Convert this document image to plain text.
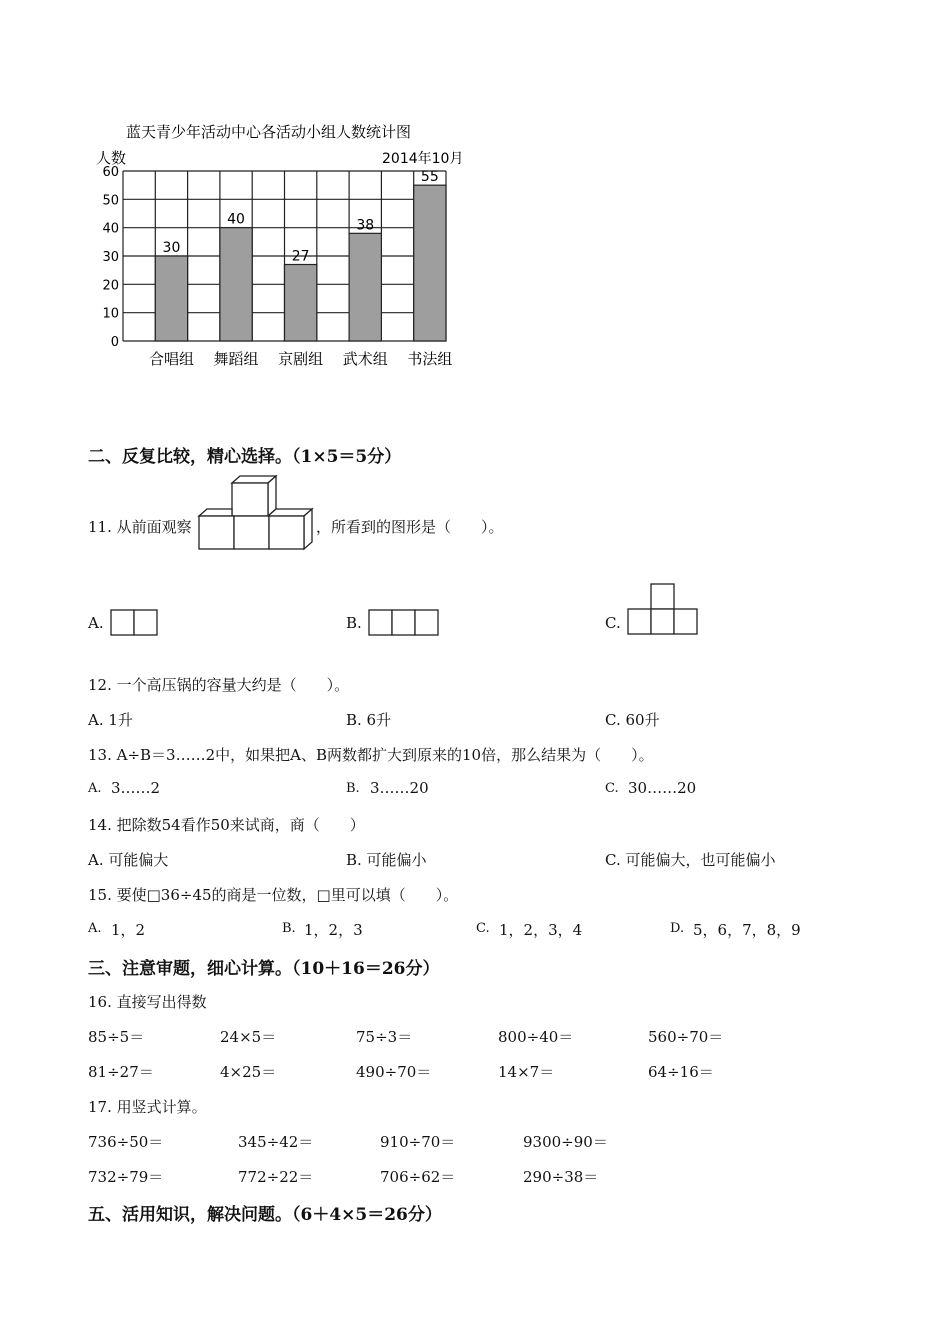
蓝天青少年活动中心各活动小组人数统计图
人数	2014年10月
30
40
27
38
55
0
10
20
30
40
50
60
合唱组 舞蹈组 京剧组 武术组 书法组
二、反复比较，精心选择。（1×5＝5分）
11. 从前面观察	，所看到的图形是（　　）。
A.	B.	C.
12. 一个高压锅的容量大约是（　　）。
A. 1升	B. 6升	C. 60升
13. A÷B＝3……2中，如果把A、B两数都扩大到原来的10倍，那么结果为（　　）。
A. 3……2	B. 3……20	C. 30……20
14. 把除数54看作50来试商，商（　　）
A. 可能偏大	B. 可能偏小	C. 可能偏大，也可能偏小
15. 要使□36÷45的商是一位数，□里可以填（　　）。
A. 1，2	B. 1，2，3	C. 1，2，3，4	D. 5，6，7，8，9
三、注意审题，细心计算。（10＋16＝26分）
16. 直接写出得数
85÷5＝	24×5＝	75÷3＝	800÷40＝	560÷70＝
81÷27＝	4×25＝	490÷70＝	14×7＝	64÷16＝
17. 用竖式计算。
736÷50＝	345÷42＝	910÷70＝	9300÷90＝
732÷79＝	772÷22＝	706÷62＝	290÷38＝
五、活用知识，解决问题。（6＋4×5＝26分）
